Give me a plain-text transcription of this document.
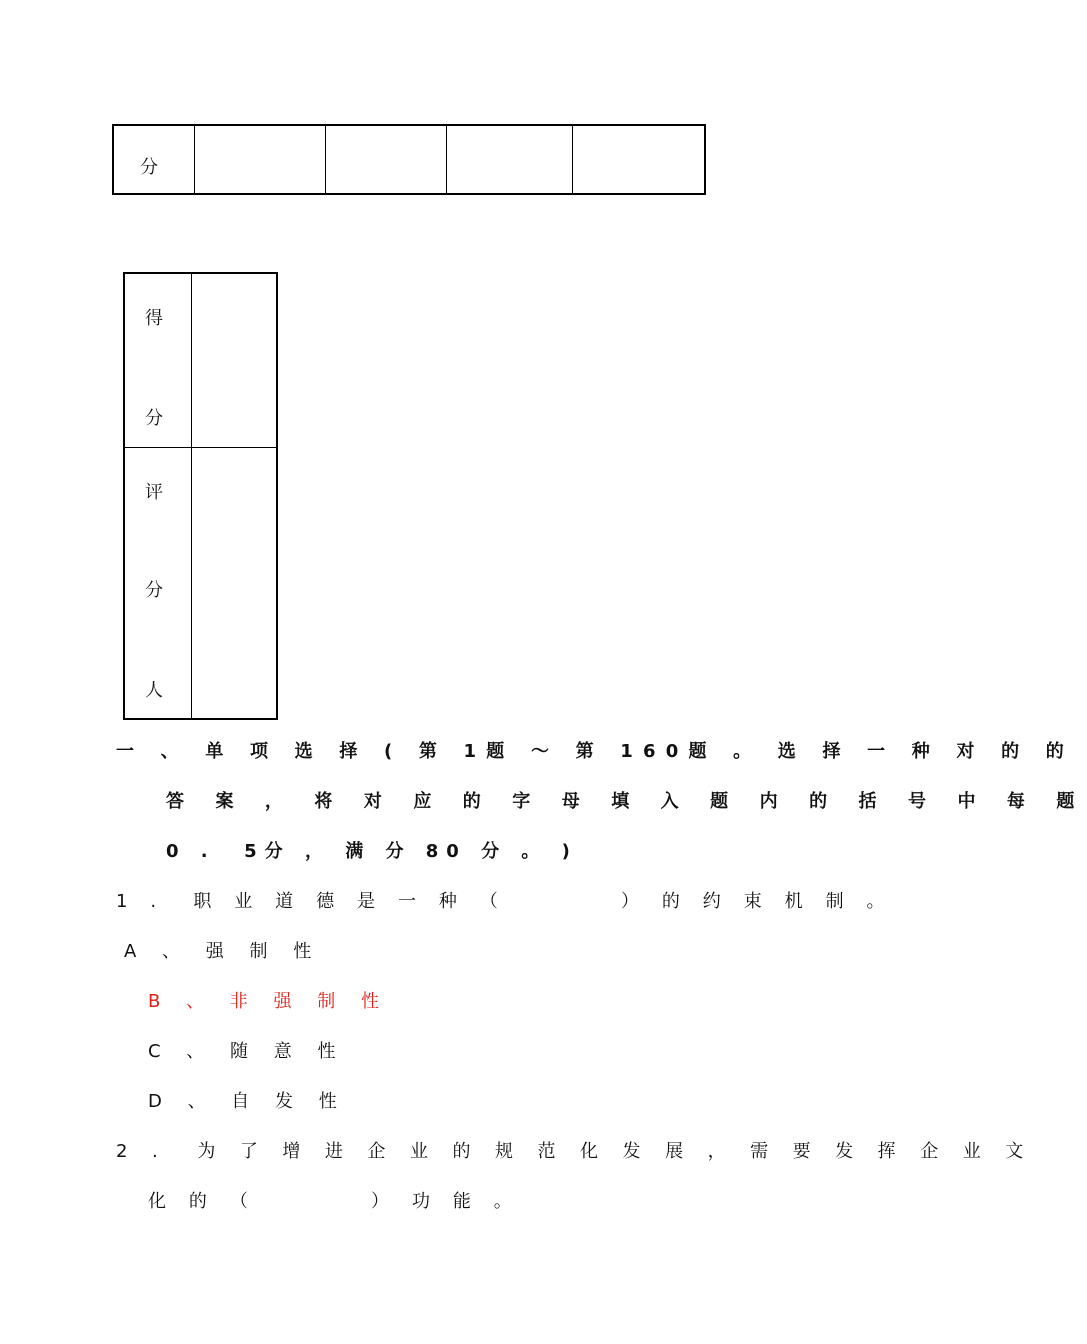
分
得
分
评
分
人
一 、 单 项 选 择 ( 第 1题 ～ 第 160题 。 选 择 一 种 对 的 的
答 案 ， 将 对 应 的 字 母 填 入 题 内 的 括 号 中 每 题
0 .  5分 ， 满 分 80 分 。 )
1 .  职 业 道 德 是 一 种 （        ） 的 约 束 机 制 。
A 、 强 制 性
B 、 非 强 制 性
C 、 随 意 性
D 、 自 发 性
2 .  为 了 增 进 企 业 的 规 范 化 发 展 ， 需 要 发 挥 企 业 文
化 的 （        ） 功 能 。
